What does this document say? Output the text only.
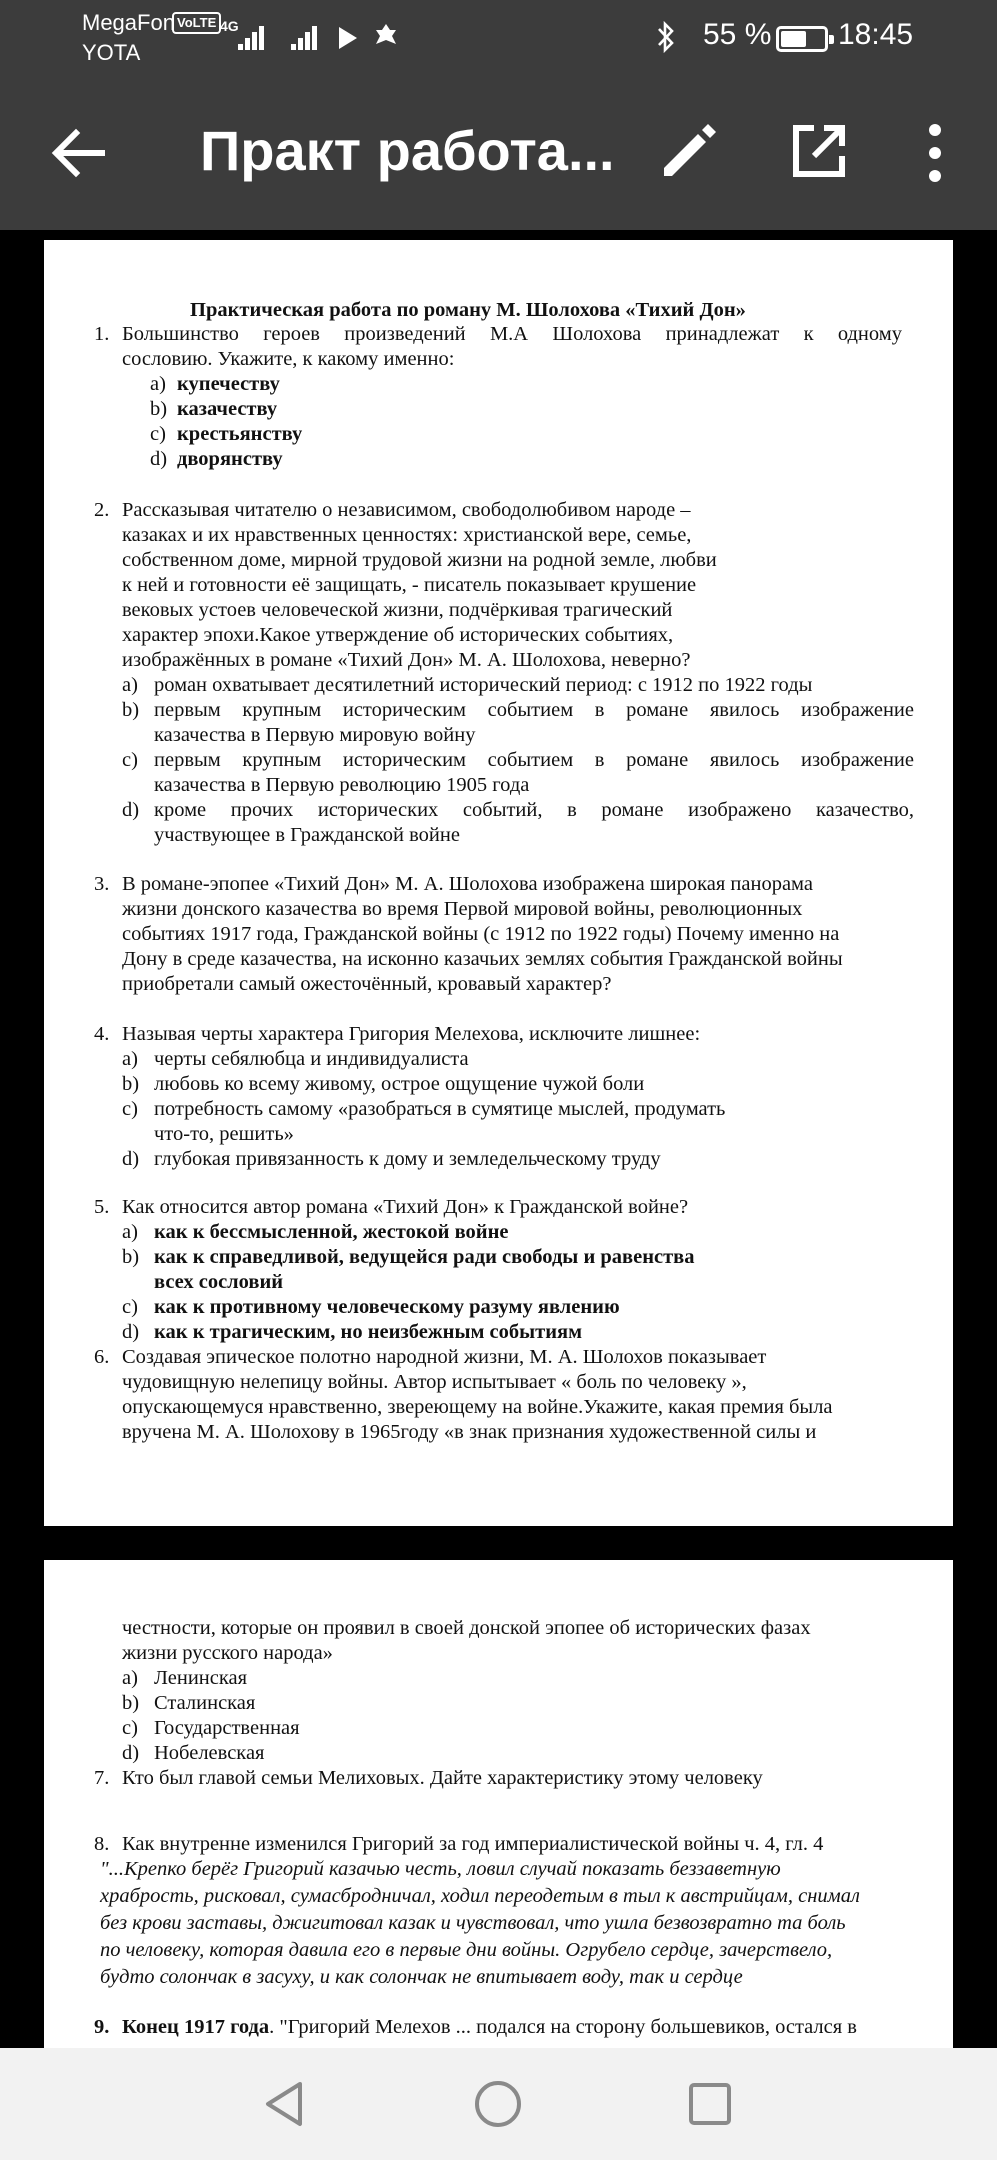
MegaFon VoLTE
YOTA
4G	55 % 18:45
Практ работа...
Практическая работа по роману М. Шолохова «Тихий Дон»
1. Большинство героев произведений М.А Шолохова принадлежат к одному
сословию. Укажите, к какому именно:
a) купечеству
b) казачеству
c) крестьянству
d) дворянству
2. Рассказывая читателю о независимом, свободолюбивом народе –
казаках и их нравственных ценностях: христианской вере, семье,
собственном доме, мирной трудовой жизни на родной земле, любви
к ней и готовности её защищать, - писатель показывает крушение
вековых устоев человеческой жизни, подчёркивая трагический
характер эпохи.Какое утверждение об исторических событиях,
изображённых в романе «Тихий Дон» М. А. Шолохова, неверно?
a) роман охватывает десятилетний исторический период: с 1912 по 1922 годы
b) первым крупным историческим событием в романе явилось изображение
казачества в Первую мировую войну
c) первым крупным историческим событием в романе явилось изображение
казачества в Первую революцию 1905 года
d) кроме прочих исторических событий, в романе изображено казачество,
участвующее в Гражданской войне
3. В романе-эпопее «Тихий Дон» М. А. Шолохова изображена широкая панорама
жизни донского казачества во время Первой мировой войны, революционных
событиях 1917 года, Гражданской войны (с 1912 по 1922 годы) Почему именно на
Дону в среде казачества, на исконно казачьих землях события Гражданской войны
приобретали самый ожесточённый, кровавый характер?
4. Называя черты характера Григория Мелехова, исключите лишнее:
a) черты себялюбца и индивидуалиста
b) любовь ко всему живому, острое ощущение чужой боли
c) потребность самому «разобраться в сумятице мыслей, продумать
что-то, решить»
d) глубокая привязанность к дому и земледельческому труду
5. Как относится автор романа «Тихий Дон» к Гражданской войне?
a) как к бессмысленной, жестокой войне
b) как к справедливой, ведущейся ради свободы и равенства
всех сословий
c) как к противному человеческому разуму явлению
d) как к трагическим, но неизбежным событиям
6. Создавая эпическое полотно народной жизни, М. А. Шолохов показывает
чудовищную нелепицу войны. Автор испытывает « боль по человеку »,
опускающемуся нравственно, звереющему на войне.Укажите, какая премия была
вручена М. А. Шолохову в 1965году «в знак признания художественной силы и
честности, которые он проявил в своей донской эпопее об исторических фазах
жизни русского народа»
a) Ленинская
b) Сталинская
c) Государственная
d) Нобелевская
7. Кто был главой семьи Мелиховых. Дайте характеристику этому человеку
8. Как внутренне изменился Григорий за год империалистической войны ч. 4, гл. 4
"...Крепко берёг Григорий казачью честь, ловил случай показать беззаветную
храбрость, рисковал, сумасбродничал, ходил переодетым в тыл к австрийцам, снимал
без крови заставы, джигитовал казак и чувствовал, что ушла безвозвратно та боль
по человеку, которая давила его в первые дни войны. Огрубело сердце, зачерствело,
будто солончак в засуху, и как солончак не впитывает воду, так и сердце
9. Конец 1917 года. "Григорий Мелехов ... подался на сторону большевиков, остался в
